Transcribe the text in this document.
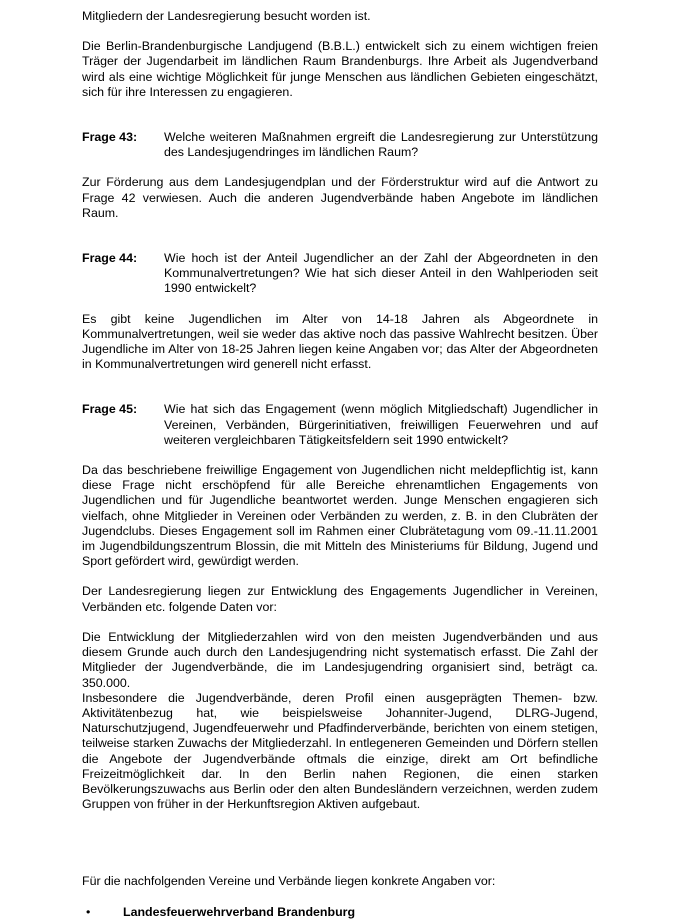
Mitgliedern der Landesregierung besucht worden ist.

Die Berlin-Brandenburgische Landjugend (B.B.L.) entwickelt sich zu einem wichtigen freien Träger der Jugendarbeit im ländlichen Raum Brandenburgs. Ihre Arbeit als Jugendverband wird als eine wichtige Möglichkeit für junge Menschen aus ländlichen Gebieten eingeschätzt, sich für ihre Interessen zu engagieren.

Frage 43:	Welche weiteren Maßnahmen ergreift die Landesregierung zur Unterstützung des Landesjugendringes im ländlichen Raum?

Zur Förderung aus dem Landesjugendplan und der Förderstruktur wird auf die Antwort zu Frage 42 verwiesen. Auch die anderen Jugendverbände haben Angebote im ländlichen Raum.

Frage 44:	Wie hoch ist der Anteil Jugendlicher an der Zahl der Abgeordneten in den Kommunalvertretungen? Wie hat sich dieser Anteil in den Wahlperioden seit 1990 entwickelt?

Es gibt keine Jugendlichen im Alter von 14-18 Jahren als Abgeordnete in Kommunalvertretungen, weil sie weder das aktive noch das passive Wahlrecht besitzen. Über Jugendliche im Alter von 18-25 Jahren liegen keine Angaben vor; das Alter der Abgeordneten in Kommunalvertretungen wird generell nicht erfasst.

Frage 45:	Wie hat sich das Engagement (wenn möglich Mitgliedschaft) Jugendlicher in Vereinen, Verbänden, Bürgerinitiativen, freiwilligen Feuerwehren und auf weiteren vergleichbaren Tätigkeitsfeldern seit 1990 entwickelt?

Da das beschriebene freiwillige Engagement von Jugendlichen nicht meldepflichtig ist, kann diese Frage nicht erschöpfend für alle Bereiche ehrenamtlichen Engagements von Jugendlichen und für Jugendliche beantwortet werden. Junge Menschen engagieren sich vielfach, ohne Mitglieder in Vereinen oder Verbänden zu werden, z. B. in den Clubräten der Jugendclubs. Dieses Engagement soll im Rahmen einer Clubrätetagung vom 09.-11.11.2001 im Jugendbildungszentrum Blossin, die mit Mitteln des Ministeriums für Bildung, Jugend und Sport gefördert wird, gewürdigt werden.

Der Landesregierung liegen zur Entwicklung des Engagements Jugendlicher in Vereinen, Verbänden etc. folgende Daten vor:

Die Entwicklung der Mitgliederzahlen wird von den meisten Jugendverbänden und aus diesem Grunde auch durch den Landesjugendring nicht systematisch erfasst. Die Zahl der Mitglieder der Jugendverbände, die im Landesjugendring organisiert sind, beträgt ca. 350.000.

Insbesondere die Jugendverbände, deren Profil einen ausgeprägten Themen- bzw. Aktivitätenbezug hat, wie beispielsweise Johanniter-Jugend, DLRG-Jugend, Naturschutzjugend, Jugendfeuerwehr und Pfadfinderverbände, berichten von einem stetigen, teilweise starken Zuwachs der Mitgliederzahl. In entlegeneren Gemeinden und Dörfern stellen die Angebote der Jugendverbände oftmals die einzige, direkt am Ort befindliche Freizeitmöglichkeit dar. In den Berlin nahen Regionen, die einen starken Bevölkerungszuwachs aus Berlin oder den alten Bundesländern verzeichnen, werden zudem Gruppen von früher in der Herkunftsregion Aktiven aufgebaut.

Für die nachfolgenden Vereine und Verbände liegen konkrete Angaben vor:

•	Landesfeuerwehrverband Brandenburg
